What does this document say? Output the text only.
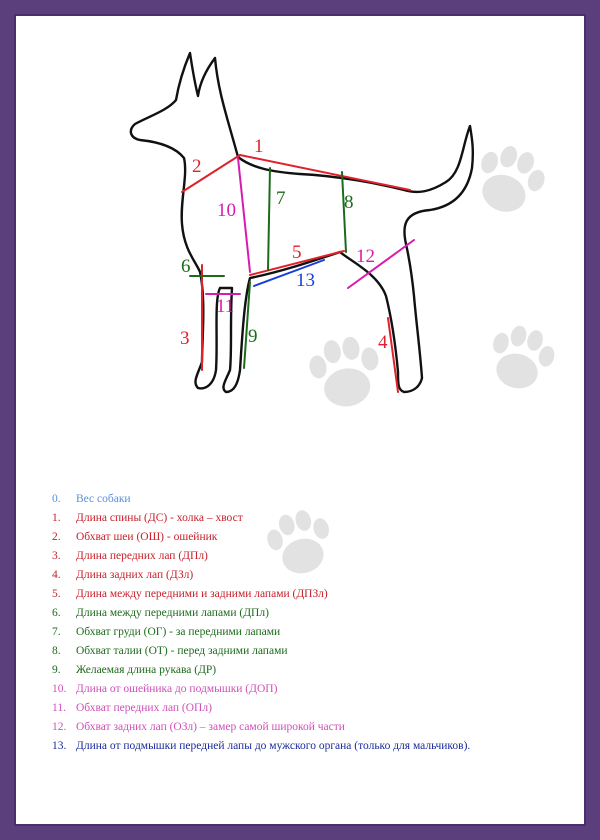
1
2
3	4
5
6
7	8
9
10
11
12
13
0.	Вес собаки
1.	Длина спины (ДС) - холка – хвост
2.	Обхват шеи (ОШ) - ошейник
3.	Длина передних лап (ДПл)
4.	Длина задних лап (ДЗл)
5.	Длина между передними и задними лапами (ДПЗл)
6.	Длина между передними лапами (ДПл)
7.	Обхват груди (ОГ) - за передними лапами
8.	Обхват талии (ОТ) - перед задними лапами
9.	Желаемая длина рукава (ДР)
10. Длина от ошейника до подмышки (ДОП)
11. Обхват передних лап (ОПл)
12. Обхват задних лап (ОЗл) – замер самой широкой части
13. Длина от подмышки передней лапы до мужского органа (только для мальчиков).
